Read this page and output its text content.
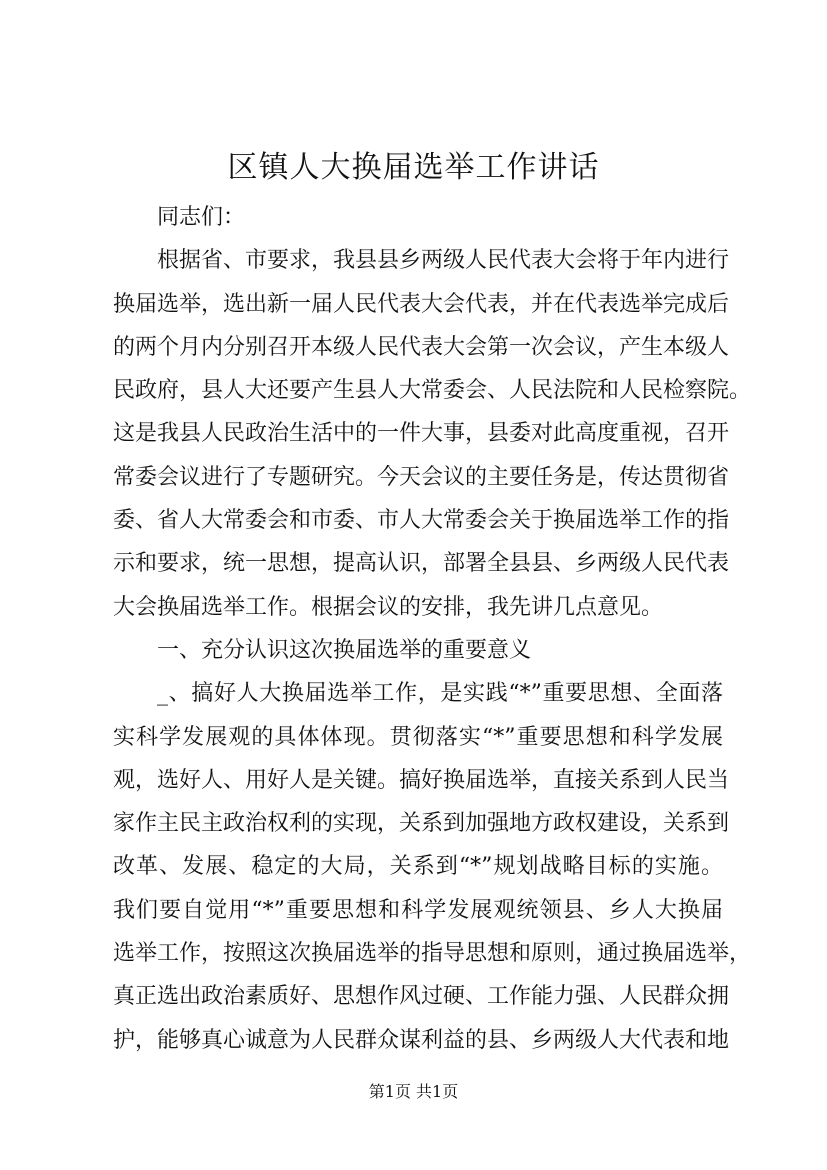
区镇人大换届选举工作讲话
同志们：
根据省、市要求，我县县乡两级人民代表大会将于年内进行
换届选举，选出新一届人民代表大会代表，并在代表选举完成后
的两个月内分别召开本级人民代表大会第一次会议，产生本级人
民政府，县人大还要产生县人大常委会、人民法院和人民检察院。
这是我县人民政治生活中的一件大事，县委对此高度重视，召开
常委会议进行了专题研究。今天会议的主要任务是，传达贯彻省
委、省人大常委会和市委、市人大常委会关于换届选举工作的指
示和要求，统一思想，提高认识，部署全县县、乡两级人民代表
大会换届选举工作。根据会议的安排，我先讲几点意见。
一、充分认识这次换届选举的重要意义
_、搞好人大换届选举工作，是实践“*”重要思想、全面落
实科学发展观的具体体现。贯彻落实“*”重要思想和科学发展
观，选好人、用好人是关键。搞好换届选举，直接关系到人民当
家作主民主政治权利的实现，关系到加强地方政权建设，关系到
改革、发展、稳定的大局，关系到“*”规划战略目标的实施。
我们要自觉用“*”重要思想和科学发展观统领县、乡人大换届
选举工作，按照这次换届选举的指导思想和原则，通过换届选举，
真正选出政治素质好、思想作风过硬、工作能力强、人民群众拥
护，能够真心诚意为人民群众谋利益的县、乡两级人大代表和地
第1页 共1页
